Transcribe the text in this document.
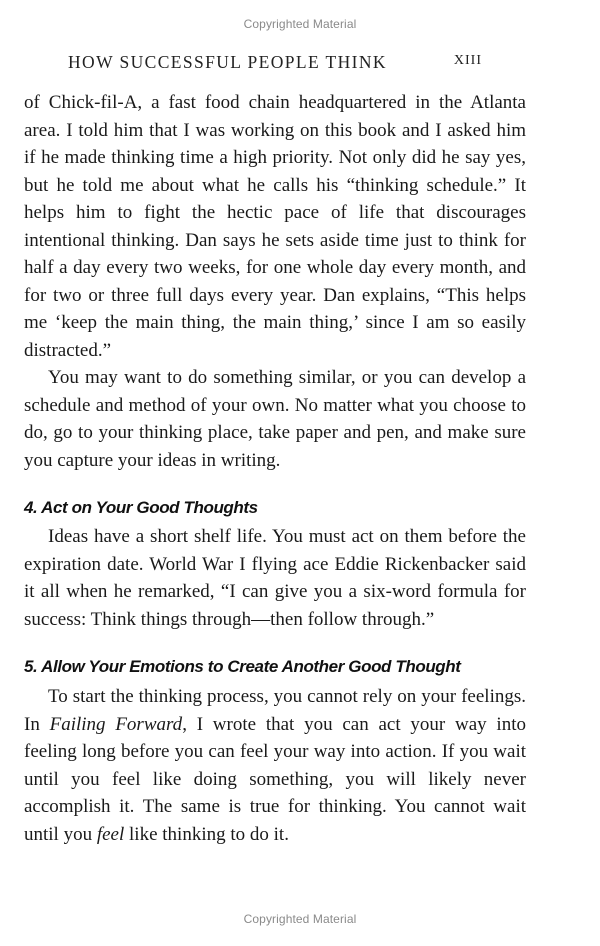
Copyrighted Material
HOW SUCCESSFUL PEOPLE THINK	XIII

of Chick-fil-A, a fast food chain headquartered in the Atlanta area. I told him that I was working on this book and I asked him if he made thinking time a high priority. Not only did he say yes, but he told me about what he calls his “thinking schedule.” It helps him to fight the hectic pace of life that discourages intentional thinking. Dan says he sets aside time just to think for half a day every two weeks, for one whole day every month, and for two or three full days every year. Dan explains, “This helps me ‘keep the main thing, the main thing,’ since I am so easily distracted.”

You may want to do something similar, or you can develop a schedule and method of your own. No matter what you choose to do, go to your thinking place, take paper and pen, and make sure you capture your ideas in writing.

4. Act on Your Good Thoughts

Ideas have a short shelf life. You must act on them before the expiration date. World War I flying ace Eddie Rickenbacker said it all when he remarked, “I can give you a six-word formula for success: Think things through—then follow through.”

5. Allow Your Emotions to Create Another Good Thought

To start the thinking process, you cannot rely on your feelings. In Failing Forward, I wrote that you can act your way into feeling long before you can feel your way into action. If you wait until you feel like doing something, you will likely never accomplish it. The same is true for thinking. You cannot wait until you feel like thinking to do it.

Copyrighted Material
